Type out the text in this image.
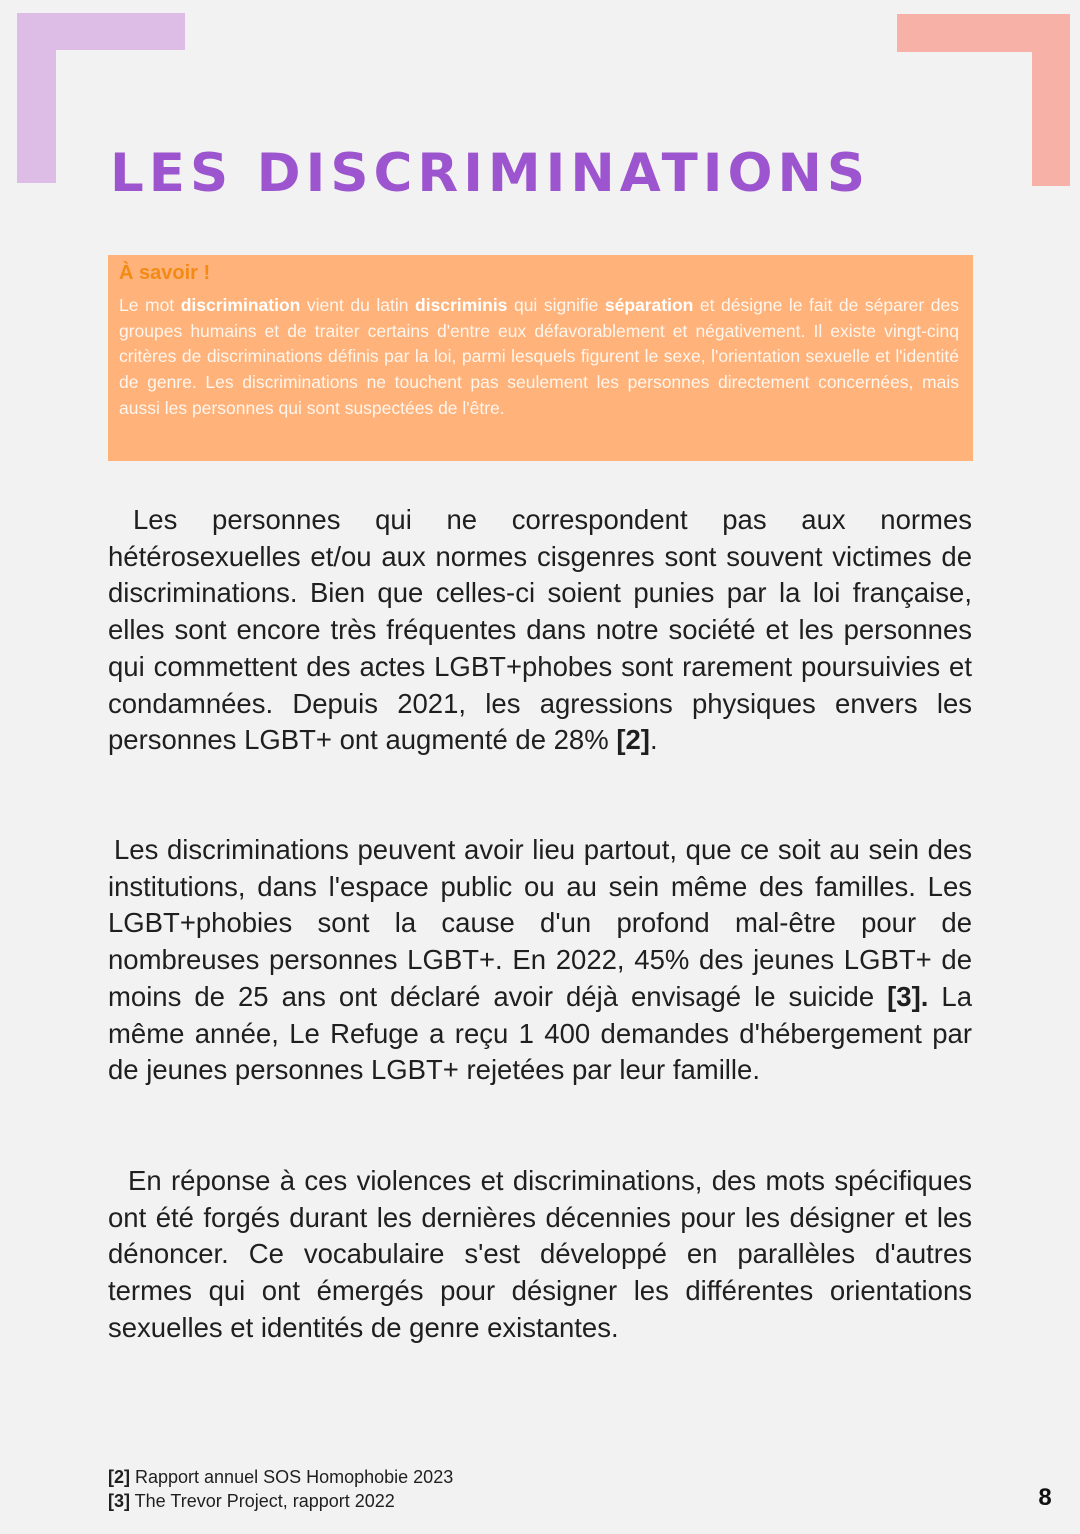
LES DISCRIMINATIONS

À savoir !

Le mot discrimination vient du latin discriminis qui signifie séparation et désigne le fait de séparer des groupes humains et de traiter certains d'entre eux défavorablement et négativement. Il existe vingt-cinq critères de discriminations définis par la loi, parmi lesquels figurent le sexe, l'orientation sexuelle et l'identité de genre. Les discriminations ne touchent pas seulement les personnes directement concernées, mais aussi les personnes qui sont suspectées de l'être.

Les personnes qui ne correspondent pas aux normes hétérosexuelles et/ou aux normes cisgenres sont souvent victimes de discriminations. Bien que celles-ci soient punies par la loi française, elles sont encore très fréquentes dans notre société et les personnes qui commettent des actes LGBT+phobes sont rarement poursuivies et condamnées. Depuis 2021, les agressions physiques envers les personnes LGBT+ ont augmenté de 28% [2].

Les discriminations peuvent avoir lieu partout, que ce soit au sein des institutions, dans l'espace public ou au sein même des familles. Les LGBT+phobies sont la cause d'un profond mal-être pour de nombreuses personnes LGBT+. En 2022, 45% des jeunes LGBT+ de moins de 25 ans ont déclaré avoir déjà envisagé le suicide [3]. La même année, Le Refuge a reçu 1 400 demandes d'hébergement par de jeunes personnes LGBT+ rejetées par leur famille.

En réponse à ces violences et discriminations, des mots spécifiques ont été forgés durant les dernières décennies pour les désigner et les dénoncer. Ce vocabulaire s'est développé en parallèles d'autres termes qui ont émergés pour désigner les différentes orientations sexuelles et identités de genre existantes.

[2] Rapport annuel SOS Homophobie 2023
[3] The Trevor Project, rapport 2022	8
